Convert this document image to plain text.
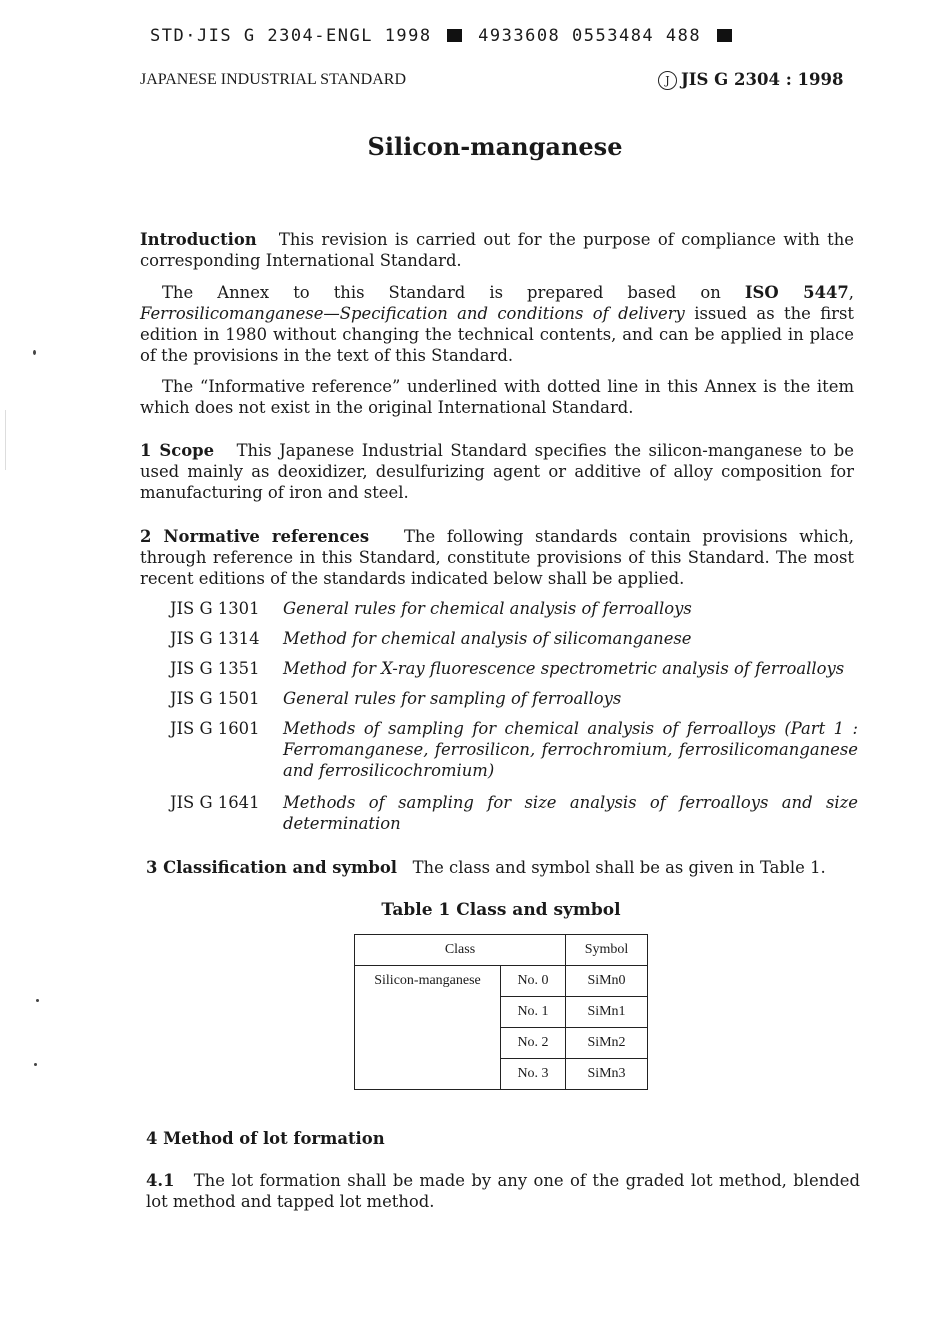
STD·JIS G 2304-ENGL 1998	4933608 0553484 488
JAPANESE INDUSTRIAL STANDARD	J JIS G 2304 : 1998
Silicon-manganese
Introduction This revision is carried out for the purpose of compliance with the corresponding International Standard.
The Annex to this Standard is prepared based on ISO 5447, Ferrosilicomanganese—Specification and conditions of delivery issued as the first edition in 1980 without changing the technical contents, and can be applied in place of the provisions in the text of this Standard.
The “Informative reference” underlined with dotted line in this Annex is the item which does not exist in the original International Standard.
1 Scope This Japanese Industrial Standard specifies the silicon-manganese to be used mainly as deoxidizer, desulfurizing agent or additive of alloy composition for manufacturing of iron and steel.
2 Normative references The following standards contain provisions which, through reference in this Standard, constitute provisions of this Standard. The most recent editions of the standards indicated below shall be applied.
JIS G 1301 General rules for chemical analysis of ferroalloys
JIS G 1314 Method for chemical analysis of silicomanganese
JIS G 1351 Method for X-ray fluorescence spectrometric analysis of ferroalloys
JIS G 1501 General rules for sampling of ferroalloys
JIS G 1601 Methods of sampling for chemical analysis of ferroalloys (Part 1 : Ferromanganese, ferrosilicon, ferrochromium, ferrosilicomanganese and ferrosilicochromium)
JIS G 1641 Methods of sampling for size analysis of ferroalloys and size determination
3 Classification and symbol The class and symbol shall be as given in Table 1.
Table 1 Class and symbol
Class		Symbol
Silicon-manganese	No. 0	SiMn0
	No. 1	SiMn1
	No. 2	SiMn2
	No. 3	SiMn3
4 Method of lot formation
4.1 The lot formation shall be made by any one of the graded lot method, blended lot method and tapped lot method.
